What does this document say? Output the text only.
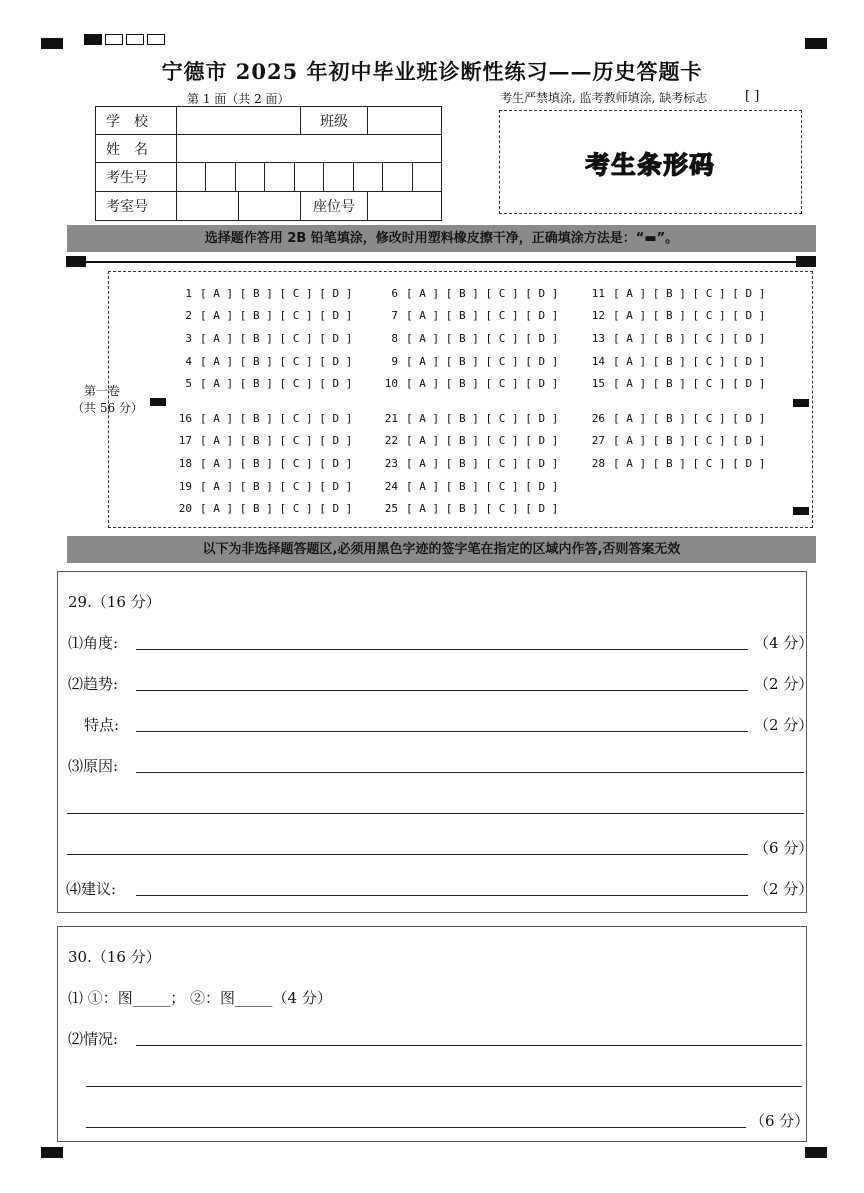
宁德市 2025 年初中毕业班诊断性练习——历史答题卡
第 1 面（共 2 面）	考生严禁填涂, 监考教师填涂, 缺考标志	[ ]
学　校		班级	
姓　名			
考生号			

考室号		座位号	
考生条形码
选择题作答用 2B 铅笔填涂，修改时用塑料橡皮擦干净，正确填涂方法是：“▬”。
第一卷
（共 56 分）
1 [ A ] [ B ] [ C ] [ D ]
2 [ A ] [ B ] [ C ] [ D ]
3 [ A ] [ B ] [ C ] [ D ]
4 [ A ] [ B ] [ C ] [ D ]
5 [ A ] [ B ] [ C ] [ D ]
6 [ A ] [ B ] [ C ] [ D ]
7 [ A ] [ B ] [ C ] [ D ]
8 [ A ] [ B ] [ C ] [ D ]
9 [ A ] [ B ] [ C ] [ D ]
10 [ A ] [ B ] [ C ] [ D ]
11 [ A ] [ B ] [ C ] [ D ]
12 [ A ] [ B ] [ C ] [ D ]
13 [ A ] [ B ] [ C ] [ D ]
14 [ A ] [ B ] [ C ] [ D ]
15 [ A ] [ B ] [ C ] [ D ]
16 [ A ] [ B ] [ C ] [ D ]
17 [ A ] [ B ] [ C ] [ D ]
18 [ A ] [ B ] [ C ] [ D ]
19 [ A ] [ B ] [ C ] [ D ]
20 [ A ] [ B ] [ C ] [ D ]
21 [ A ] [ B ] [ C ] [ D ]
22 [ A ] [ B ] [ C ] [ D ]
23 [ A ] [ B ] [ C ] [ D ]
24 [ A ] [ B ] [ C ] [ D ]
25 [ A ] [ B ] [ C ] [ D ]
26 [ A ] [ B ] [ C ] [ D ]
27 [ A ] [ B ] [ C ] [ D ]
28 [ A ] [ B ] [ C ] [ D ]
以下为非选择题答题区,必须用黑色字迹的签字笔在指定的区域内作答,否则答案无效
29.（16 分）
⑴角度:	（4 分）
⑵趋势:	（2 分）
特点:	（2 分）
⑶原因:
（6 分）
⑷建议:	（2 分）
30.（16 分）
⑴ ①：图_____； ②：图_____（4 分）
⑵情况:
（6 分）
